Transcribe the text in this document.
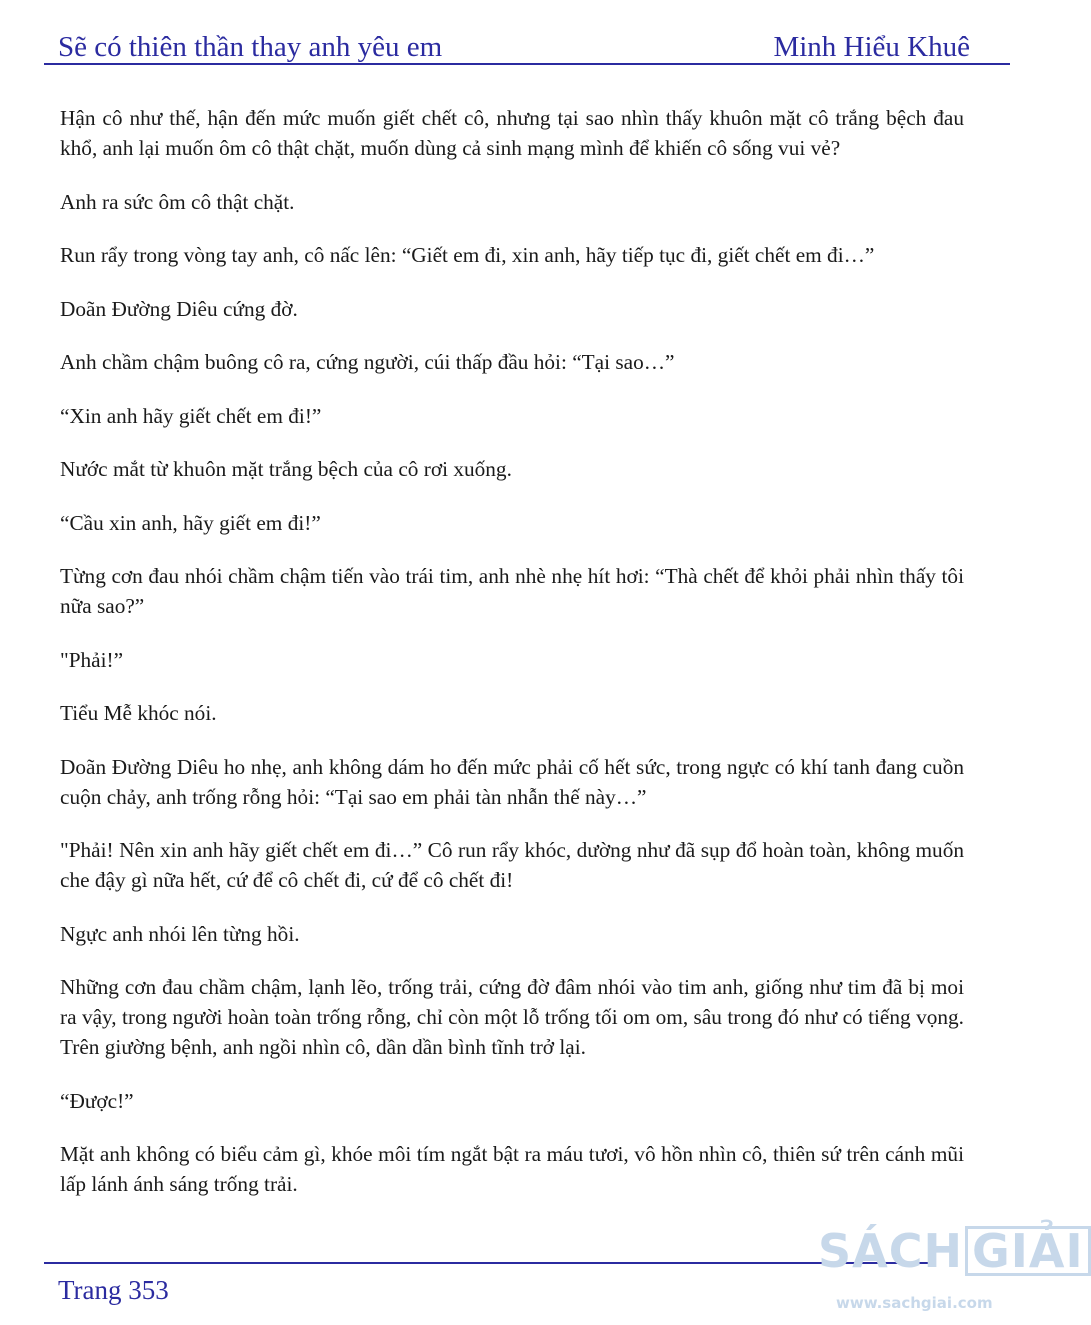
Sẽ có thiên thần thay anh yêu em	Minh Hiểu Khuê

Hận cô như thế, hận đến mức muốn giết chết cô, nhưng tại sao nhìn thấy khuôn mặt cô trắng bệch đau khổ, anh lại muốn ôm cô thật chặt, muốn dùng cả sinh mạng mình để khiến cô sống vui vẻ?

Anh ra sức ôm cô thật chặt.

Run rẩy trong vòng tay anh, cô nấc lên: “Giết em đi, xin anh, hãy tiếp tục đi, giết chết em đi…”

Doãn Đường Diêu cứng đờ.

Anh chầm chậm buông cô ra, cứng người, cúi thấp đầu hỏi: “Tại sao…”

“Xin anh hãy giết chết em đi!”

Nước mắt từ khuôn mặt trắng bệch của cô rơi xuống.

“Cầu xin anh, hãy giết em đi!”

Từng cơn đau nhói chầm chậm tiến vào trái tim, anh nhè nhẹ hít hơi: “Thà chết để khỏi phải nhìn thấy tôi nữa sao?”

"Phải!”

Tiểu Mễ khóc nói.

Doãn Đường Diêu ho nhẹ, anh không dám ho đến mức phải cố hết sức, trong ngực có khí tanh đang cuồn cuộn chảy, anh trống rỗng hỏi: “Tại sao em phải tàn nhẫn thế này…”

"Phải! Nên xin anh hãy giết chết em đi…” Cô run rẩy khóc, dường như đã sụp đổ hoàn toàn, không muốn che đậy gì nữa hết, cứ để cô chết đi, cứ để cô chết đi!

Ngực anh nhói lên từng hồi.

Những cơn đau chầm chậm, lạnh lẽo, trống trải, cứng đờ đâm nhói vào tim anh, giống như tim đã bị moi ra vậy, trong người hoàn toàn trống rỗng, chỉ còn một lỗ trống tối om om, sâu trong đó như có tiếng vọng. Trên giường bệnh, anh ngồi nhìn cô, dần dần bình tĩnh trở lại.

“Được!”

Mặt anh không có biểu cảm gì, khóe môi tím ngắt bật ra máu tươi, vô hồn nhìn cô, thiên sứ trên cánh mũi lấp lánh ánh sáng trống trải.

Trang 353
SÁCH GIẢI
www.sachgiai.com
